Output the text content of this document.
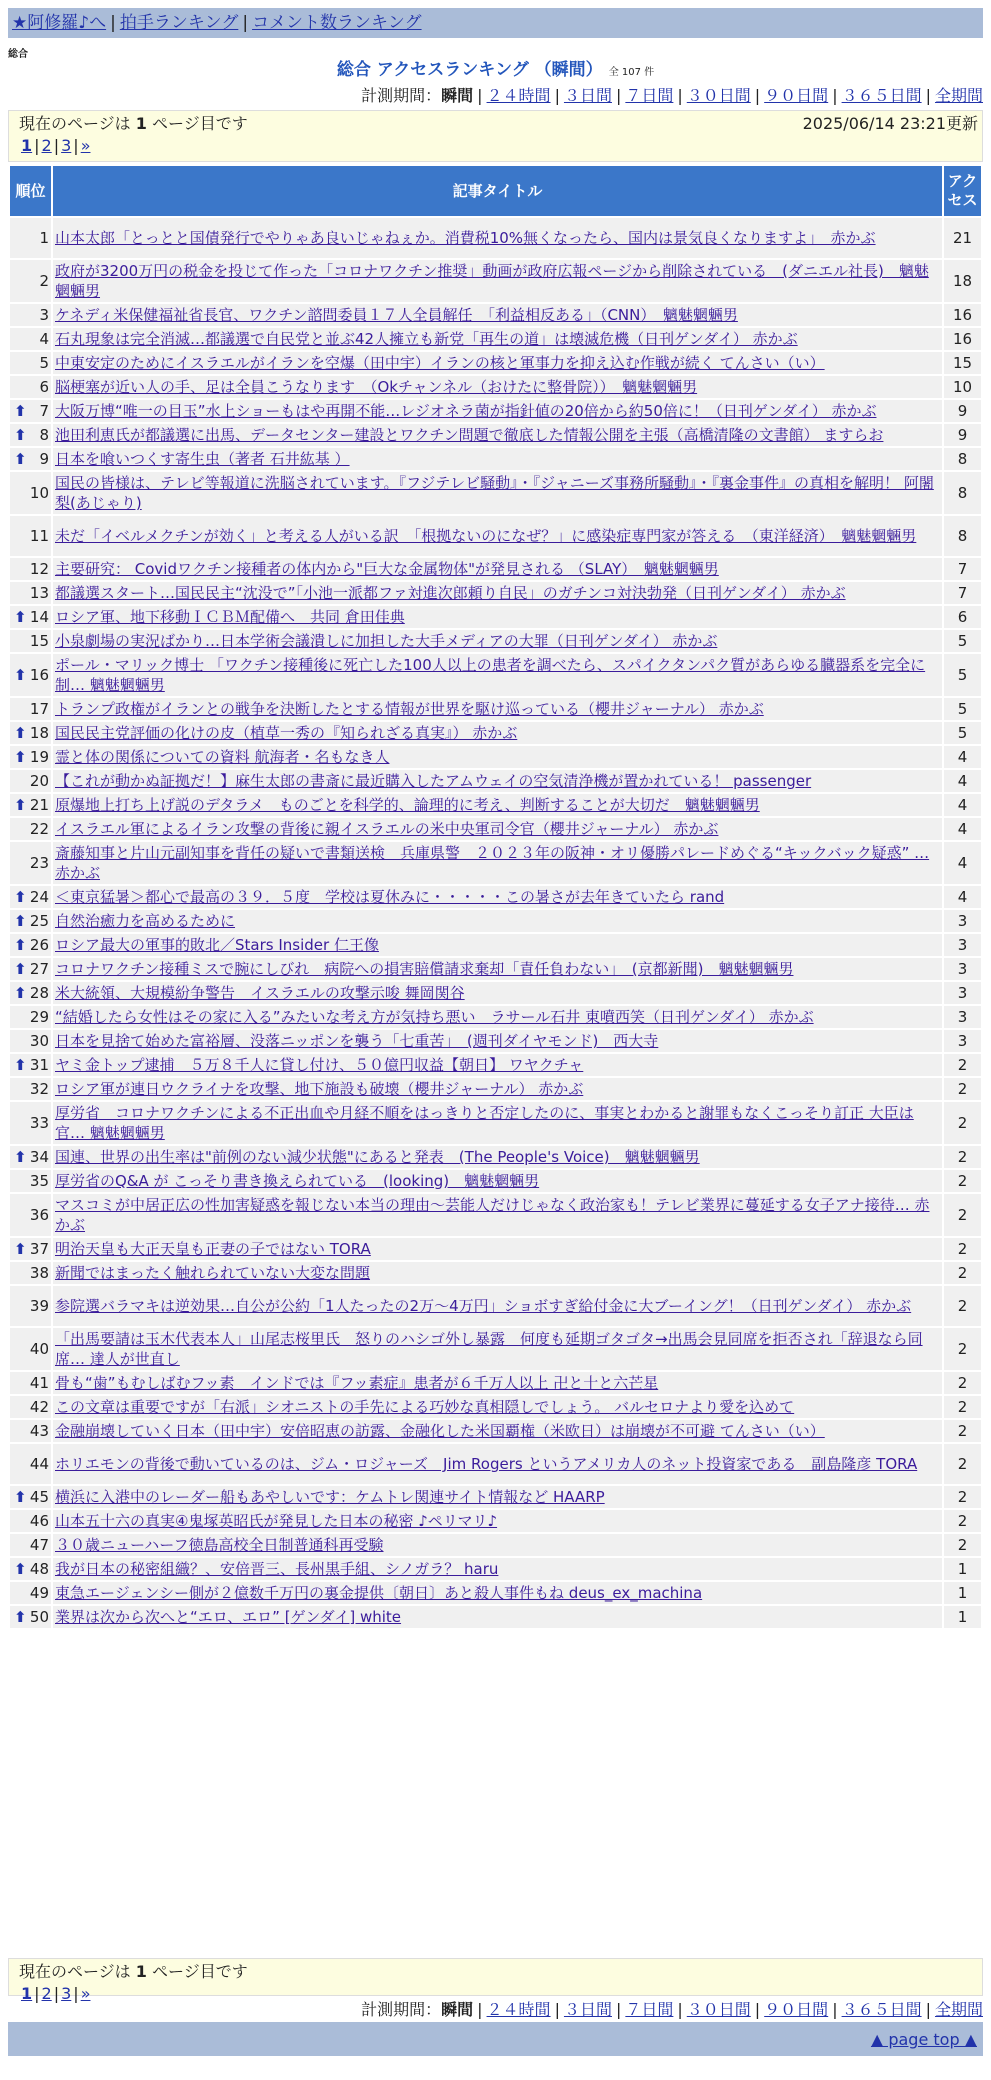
★阿修羅♪へ | 拍手ランキング | コメント数ランキング
総合
総合 アクセスランキング （瞬間） 全 107 件
計測期間：瞬間 | ２４時間 | ３日間 | ７日間 | ３０日間 | ９０日間 | ３６５日間 | 全期間
現在のページは 1 ページ目です	2025/06/14 23:21更新
1 | 2 | 3 | »
順位	記事タイトル	アクセス
1	山本太郎「とっとと国債発行でやりゃあ良いじゃねぇか。消費税10%無くなったら、国内は景気良くなりますよ」　赤かぶ	21
2	政府が3200万円の税金を投じて作った「コロナワクチン推奨」動画が政府広報ページから削除されている　(ダニエル社長)　魑魅魍魎男	18
3	ケネディ米保健福祉省長官、ワクチン諮問委員１７人全員解任　「利益相反ある」（CNN）　魑魅魍魎男	16
4	石丸現象は完全消滅…都議選で自民党と並ぶ42人擁立も新党「再生の道」は壊滅危機（日刊ゲンダイ） 赤かぶ	16
5	中東安定のためにイスラエルがイランを空爆（田中宇）イランの核と軍事力を抑え込む作戦が続く てんさい（い）	15
6	脳梗塞が近い人の手、足は全員こうなります　（Okチャンネル（おけたに整骨院））　魑魅魍魎男	10

⬆ 7	大阪万博“唯一の目玉”水上ショーもはや再開不能…レジオネラ菌が指針値の20倍から約50倍に！（日刊ゲンダイ） 赤かぶ	9

⬆ 8	池田利恵氏が都議選に出馬、データセンター建設とワクチン問題で徹底した情報公開を主張（高橋清隆の文書館） ますらお	9

⬆ 9	日本を喰いつくす寄生虫（著者 石井紘基 ）	8
10	国民の皆様は、テレビ等報道に洗脳されています。『フジテレビ騒動』・『ジャニーズ事務所騒動』・『裏金事件』の真相を解明！ 阿闍梨(あじゃり)	8
11	未だ「イベルメクチンが効く」と考える人がいる訳　「根拠ないのになぜ？」に感染症専門家が答える　（東洋経済）　魑魅魍魎男	8
12	主要研究： Covidワクチン接種者の体内から"巨大な金属物体"が発見される （SLAY）　魑魅魍魎男	7
13	都議選スタート…国民民主“沈没で”「小池一派都ファ対進次郎頼り自民」のガチンコ対決勃発（日刊ゲンダイ） 赤かぶ	7

⬆ 14	ロシア軍、地下移動ＩＣＢＭ配備へ　共同 倉田佳典	6
15	小泉劇場の実況ばかり…日本学術会議潰しに加担した大手メディアの大罪（日刊ゲンダイ） 赤かぶ	5

⬆ 16	ポール・マリック博士 「ワクチン接種後に死亡した100人以上の患者を調べたら、スパイクタンパク質があらゆる臓器系を完全に制… 魑魅魍魎男	5
17	トランプ政権がイランとの戦争を決断したとする情報が世界を駆け巡っている（櫻井ジャーナル） 赤かぶ	5

⬆ 18	国民民主党評価の化けの皮（植草一秀の『知られざる真実』） 赤かぶ	5

⬆ 19	霊と体の関係についての資料 航海者・名もなき人	4
20	【これが動かぬ証拠だ！】麻生太郎の書斎に最近購入したアムウェイの空気清浄機が置かれている！ passenger	4

⬆ 21	原爆地上打ち上げ説のデタラメ　ものごとを科学的、論理的に考え、判断することが大切だ　魑魅魍魎男	4
22	イスラエル軍によるイラン攻撃の背後に親イスラエルの米中央軍司令官（櫻井ジャーナル） 赤かぶ	4
23	斎藤知事と片山元副知事を背任の疑いで書類送検　兵庫県警　２０２３年の阪神・オリ優勝パレードめぐる“キックバック疑惑” … 赤かぶ	4

⬆ 24	＜東京猛暑＞都心で最高の３９．５度　学校は夏休みに・・・・・この暑さが去年きていたら rand	4

⬆ 25	自然治癒力を高めるために	3

⬆ 26	ロシア最大の軍事的敗北／Stars Insider 仁王像	3

⬆ 27	コロナワクチン接種ミスで腕にしびれ　病院への損害賠償請求棄却「責任負わない」　(京都新聞)　魑魅魍魎男	3

⬆ 28	米大統領、大規模紛争警告　イスラエルの攻撃示唆 舞岡関谷	3
29	“結婚したら女性はその家に入る”みたいな考え方が気持ち悪い　ラサール石井 東噴西笑（日刊ゲンダイ） 赤かぶ	3
30	日本を見捨て始めた富裕層、没落ニッポンを襲う「七重苦」　(週刊ダイヤモンド)　西大寺	3

⬆ 31	ヤミ金トップ逮捕　５万８千人に貸し付け、５０億円収益【朝日】 ワヤクチャ	2
32	ロシア軍が連日ウクライナを攻撃、地下施設も破壊（櫻井ジャーナル） 赤かぶ	2
33	厚労省　コロナワクチンによる不正出血や月経不順をはっきりと否定したのに、事実とわかると謝罪もなくこっそり訂正 大臣は官… 魑魅魍魎男	2

⬆ 34	国連、世界の出生率は"前例のない減少状態"にあると発表　(The People's Voice)　魑魅魍魎男	2
35	厚労省のQ&A が こっそり書き換えられている　(looking)　魑魅魍魎男	2
36	マスコミが中居正広の性加害疑惑を報じない本当の理由〜芸能人だけじゃなく政治家も！テレビ業界に蔓延する女子アナ接待… 赤かぶ	2

⬆ 37	明治天皇も大正天皇も正妻の子ではない TORA	2
38	新聞ではまったく触れられていない大変な問題	2
39	参院選バラマキは逆効果…自公が公約「1人たったの2万〜4万円」ショボすぎ給付金に大ブーイング！（日刊ゲンダイ） 赤かぶ	2
40	「出馬要請は玉木代表本人」山尾志桜里氏　怒りのハシゴ外し暴露　何度も延期ゴタゴタ→出馬会見同席を拒否され「辞退なら同席… 達人が世直し	2
41	骨も“歯”もむしばむフッ素　インドでは『フッ素症』患者が６千万人以上 卍と十と六芒星	2
42	この文章は重要ですが「右派」シオニストの手先による巧妙な真相隠しでしょう。 バルセロナより愛を込めて	2
43	金融崩壊していく日本（田中宇）安倍昭恵の訪露、金融化した米国覇権（米欧日）は崩壊が不可避 てんさい（い）	2
44	ホリエモンの背後で動いているのは、ジム・ロジャーズ　Jim Rogers というアメリカ人のネット投資家である　副島隆彦 TORA	2

⬆ 45	横浜に入港中のレーダー船もあやしいです：ケムトレ関連サイト情報など HAARP	2
46	山本五十六の真実④鬼塚英昭氏が発見した日本の秘密 ♪ペリマリ♪	2
47	３０歳ニューハーフ徳島高校全日制普通科再受験	2

⬆ 48	我が日本の秘密組織？、安倍晋三、長州黒手組、シノガラ？ haru	1
49	東急エージェンシー側が２億数千万円の裏金提供〔朝日〕あと殺人事件もね deus_ex_machina	1

⬆ 50	業界は次から次へと“エロ、エロ” [ゲンダイ] white	1
現在のページは 1 ページ目です
1 | 2 | 3 | »
計測期間：瞬間 | ２４時間 | ３日間 | ７日間 | ３０日間 | ９０日間 | ３６５日間 | 全期間
▲ page top ▲
